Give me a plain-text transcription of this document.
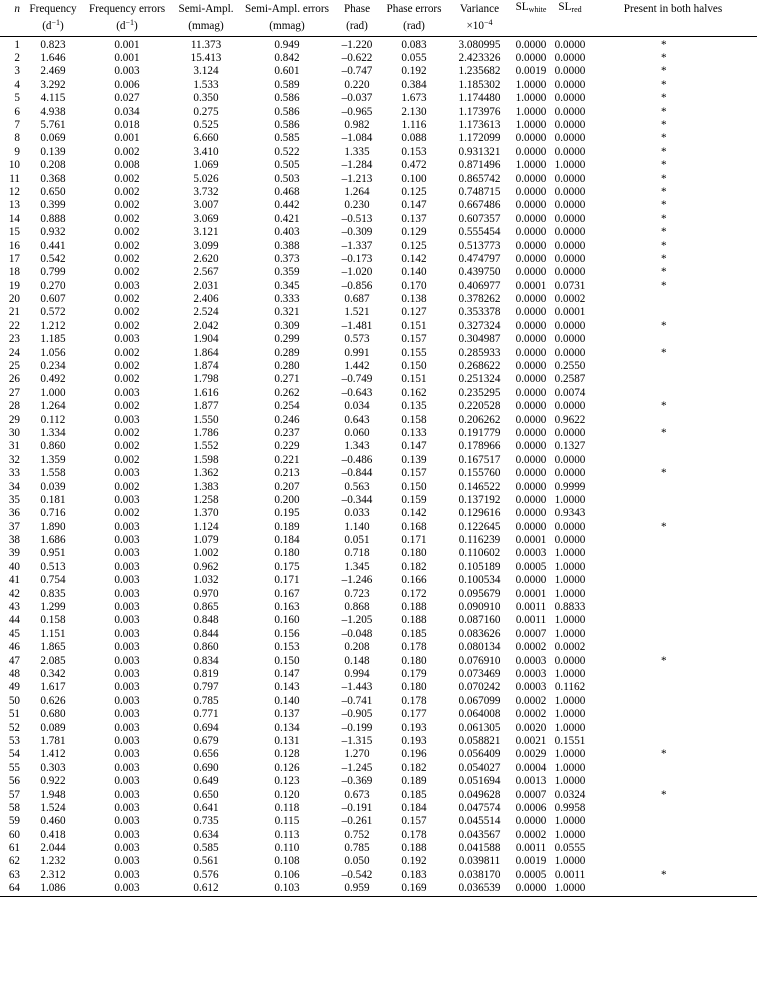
n	Frequency	Frequency errors	Semi-Ampl.	Semi-Ampl. errors	Phase	Phase errors	Variance	$SL_{white}$	$SL_{red}$	Present in both halves
	$(d^{-1})$	$(d^{-1})$	(mmag)	(mmag)	(rad)	(rad)	$\times 10^{-4}$			
1	0.823	0.001	11.373	0.949	–1.220	0.083	3.080995	0.0000	0.0000	*
2	1.646	0.001	15.413	0.842	–0.622	0.055	2.423326	0.0000	0.0000	*
3	2.469	0.003	3.124	0.601	–0.747	0.192	1.235682	0.0019	0.0000	*
4	3.292	0.006	1.533	0.589	0.220	0.384	1.185302	1.0000	0.0000	*
5	4.115	0.027	0.350	0.586	–0.037	1.673	1.174480	1.0000	0.0000	*
6	4.938	0.034	0.275	0.586	–0.965	2.130	1.173976	1.0000	0.0000	*
7	5.761	0.018	0.525	0.586	0.982	1.116	1.173613	1.0000	0.0000	*
8	0.069	0.001	6.660	0.585	–1.084	0.088	1.172099	0.0000	0.0000	*
9	0.139	0.002	3.410	0.522	1.335	0.153	0.931321	0.0000	0.0000	*
10	0.208	0.008	1.069	0.505	–1.284	0.472	0.871496	1.0000	1.0000	*
11	0.368	0.002	5.026	0.503	–1.213	0.100	0.865742	0.0000	0.0000	*
12	0.650	0.002	3.732	0.468	1.264	0.125	0.748715	0.0000	0.0000	*
13	0.399	0.002	3.007	0.442	0.230	0.147	0.667486	0.0000	0.0000	*
14	0.888	0.002	3.069	0.421	–0.513	0.137	0.607357	0.0000	0.0000	*
15	0.932	0.002	3.121	0.403	–0.309	0.129	0.555454	0.0000	0.0000	*
16	0.441	0.002	3.099	0.388	–1.337	0.125	0.513773	0.0000	0.0000	*
17	0.542	0.002	2.620	0.373	–0.173	0.142	0.474797	0.0000	0.0000	*
18	0.799	0.002	2.567	0.359	–1.020	0.140	0.439750	0.0000	0.0000	*
19	0.270	0.003	2.031	0.345	–0.856	0.170	0.406977	0.0001	0.0731	*
20	0.607	0.002	2.406	0.333	0.687	0.138	0.378262	0.0000	0.0002	
21	0.572	0.002	2.524	0.321	1.521	0.127	0.353378	0.0000	0.0001	
22	1.212	0.002	2.042	0.309	–1.481	0.151	0.327324	0.0000	0.0000	*
23	1.185	0.003	1.904	0.299	0.573	0.157	0.304987	0.0000	0.0000	
24	1.056	0.002	1.864	0.289	0.991	0.155	0.285933	0.0000	0.0000	*
25	0.234	0.002	1.874	0.280	1.442	0.150	0.268622	0.0000	0.2550	
26	0.492	0.002	1.798	0.271	–0.749	0.151	0.251324	0.0000	0.2587	
27	1.000	0.003	1.616	0.262	–0.643	0.162	0.235295	0.0000	0.0074	
28	1.264	0.002	1.877	0.254	0.034	0.135	0.220528	0.0000	0.0000	*
29	0.112	0.003	1.550	0.246	0.643	0.158	0.206262	0.0000	0.9622	
30	1.334	0.002	1.786	0.237	0.060	0.133	0.191779	0.0000	0.0000	*
31	0.860	0.002	1.552	0.229	1.343	0.147	0.178966	0.0000	0.1327	
32	1.359	0.002	1.598	0.221	–0.486	0.139	0.167517	0.0000	0.0000	
33	1.558	0.003	1.362	0.213	–0.844	0.157	0.155760	0.0000	0.0000	*
34	0.039	0.002	1.383	0.207	0.563	0.150	0.146522	0.0000	0.9999	
35	0.181	0.003	1.258	0.200	–0.344	0.159	0.137192	0.0000	1.0000	
36	0.716	0.002	1.370	0.195	0.033	0.142	0.129616	0.0000	0.9343	
37	1.890	0.003	1.124	0.189	1.140	0.168	0.122645	0.0000	0.0000	*
38	1.686	0.003	1.079	0.184	0.051	0.171	0.116239	0.0001	0.0000	
39	0.951	0.003	1.002	0.180	0.718	0.180	0.110602	0.0003	1.0000	
40	0.513	0.003	0.962	0.175	1.345	0.182	0.105189	0.0005	1.0000	
41	0.754	0.003	1.032	0.171	–1.246	0.166	0.100534	0.0000	1.0000	
42	0.835	0.003	0.970	0.167	0.723	0.172	0.095679	0.0001	1.0000	
43	1.299	0.003	0.865	0.163	0.868	0.188	0.090910	0.0011	0.8833	
44	0.158	0.003	0.848	0.160	–1.205	0.188	0.087160	0.0011	1.0000	
45	1.151	0.003	0.844	0.156	–0.048	0.185	0.083626	0.0007	1.0000	
46	1.865	0.003	0.860	0.153	0.208	0.178	0.080134	0.0002	0.0002	
47	2.085	0.003	0.834	0.150	0.148	0.180	0.076910	0.0003	0.0000	*
48	0.342	0.003	0.819	0.147	0.994	0.179	0.073469	0.0003	1.0000	
49	1.617	0.003	0.797	0.143	–1.443	0.180	0.070242	0.0003	0.1162	
50	0.626	0.003	0.785	0.140	–0.741	0.178	0.067099	0.0002	1.0000	
51	0.680	0.003	0.771	0.137	–0.905	0.177	0.064008	0.0002	1.0000	
52	0.089	0.003	0.694	0.134	–0.199	0.193	0.061305	0.0020	1.0000	
53	1.781	0.003	0.679	0.131	–1.315	0.193	0.058821	0.0021	0.1551	
54	1.412	0.003	0.656	0.128	1.270	0.196	0.056409	0.0029	1.0000	*
55	0.303	0.003	0.690	0.126	–1.245	0.182	0.054027	0.0004	1.0000	
56	0.922	0.003	0.649	0.123	–0.369	0.189	0.051694	0.0013	1.0000	
57	1.948	0.003	0.650	0.120	0.673	0.185	0.049628	0.0007	0.0324	*
58	1.524	0.003	0.641	0.118	–0.191	0.184	0.047574	0.0006	0.9958	
59	0.460	0.003	0.735	0.115	–0.261	0.157	0.045514	0.0000	1.0000	
60	0.418	0.003	0.634	0.113	0.752	0.178	0.043567	0.0002	1.0000	
61	2.044	0.003	0.585	0.110	0.785	0.188	0.041588	0.0011	0.0555	
62	1.232	0.003	0.561	0.108	0.050	0.192	0.039811	0.0019	1.0000	
63	2.312	0.003	0.576	0.106	–0.542	0.183	0.038170	0.0005	0.0011	*
64	1.086	0.003	0.612	0.103	0.959	0.169	0.036539	0.0000	1.0000	
